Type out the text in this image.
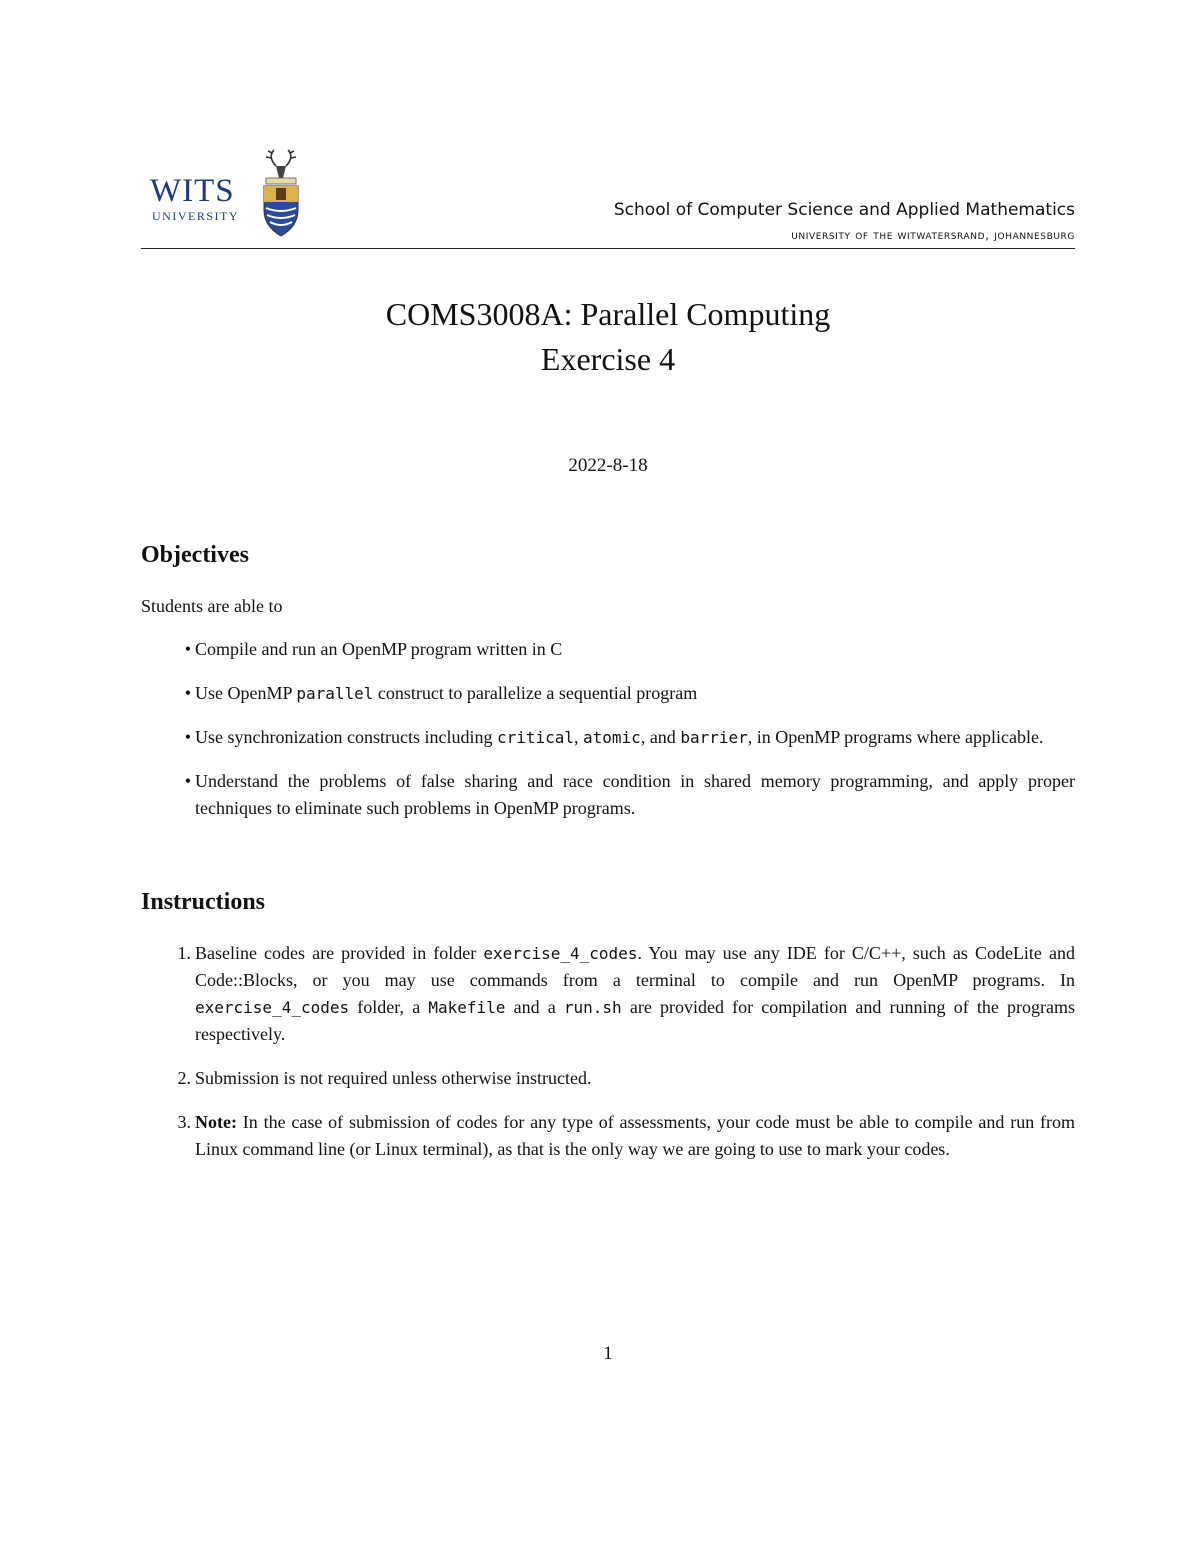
WITS
UNIVERSITY	School of Computer Science and Applied Mathematics
university of the witwatersrand, johannesburg
COMS3008A: Parallel Computing
Exercise 4
2022-8-18
Objectives
Students are able to
• Compile and run an OpenMP program written in C
• Use OpenMP parallel construct to parallelize a sequential program
• Use synchronization constructs including critical, atomic, and barrier, in OpenMP programs where applicable.
• Understand the problems of false sharing and race condition in shared memory programming, and apply proper techniques to eliminate such problems in OpenMP programs.
Instructions
1. Baseline codes are provided in folder exercise_4_codes. You may use any IDE for C/C++, such as CodeLite and Code::Blocks, or you may use commands from a terminal to compile and run OpenMP programs. In exercise_4_codes folder, a Makefile and a run.sh are provided for compilation and running of the programs respectively.
2. Submission is not required unless otherwise instructed.
3. Note: In the case of submission of codes for any type of assessments, your code must be able to compile and run from Linux command line (or Linux terminal), as that is the only way we are going to use to mark your codes.
1
